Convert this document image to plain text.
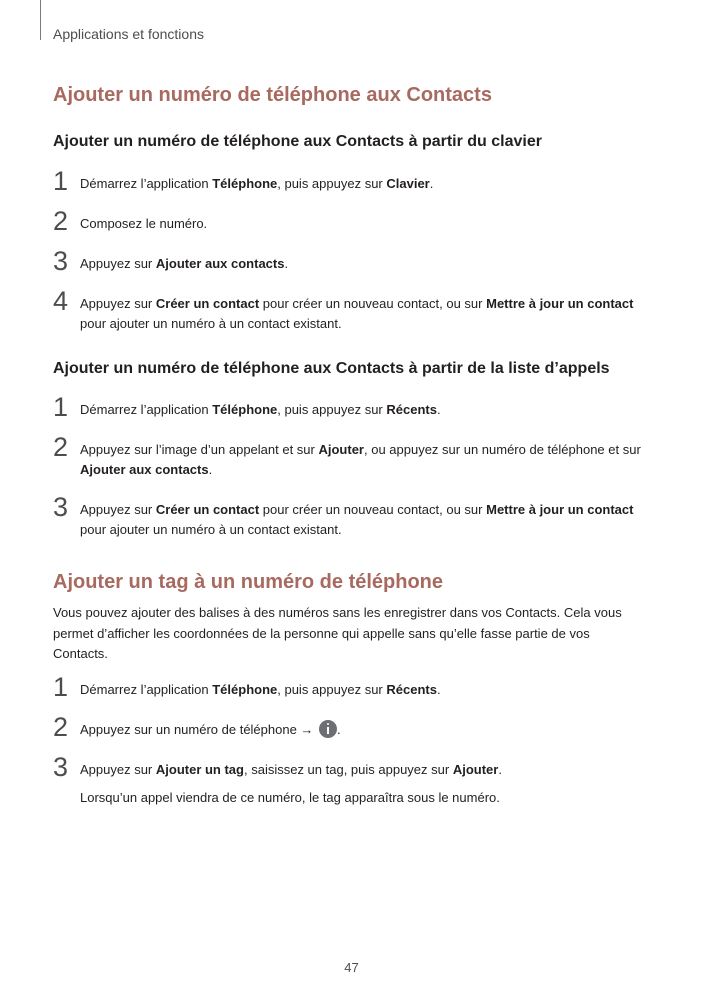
Applications et fonctions

Ajouter un numéro de téléphone aux Contacts
Ajouter un numéro de téléphone aux Contacts à partir du clavier
1 Démarrez l’application Téléphone, puis appuyez sur Clavier.

2 Composez le numéro.

3 Appuyez sur Ajouter aux contacts.

4 Appuyez sur Créer un contact pour créer un nouveau contact, ou sur Mettre à jour un contact pour ajouter un numéro à un contact existant.

Ajouter un numéro de téléphone aux Contacts à partir de la liste d’appels
1 Démarrez l’application Téléphone, puis appuyez sur Récents.

2 Appuyez sur l’image d’un appelant et sur Ajouter, ou appuyez sur un numéro de téléphone et sur Ajouter aux contacts.

3 Appuyez sur Créer un contact pour créer un nouveau contact, ou sur Mettre à jour un contact pour ajouter un numéro à un contact existant.

Ajouter un tag à un numéro de téléphone

Vous pouvez ajouter des balises à des numéros sans les enregistrer dans vos Contacts. Cela vous permet d’afficher les coordonnées de la personne qui appelle sans qu’elle fasse partie de vos Contacts.

1 Démarrez l’application Téléphone, puis appuyez sur Récents.

2 Appuyez sur un numéro de téléphone → .

3 Appuyez sur Ajouter un tag, saisissez un tag, puis appuyez sur Ajouter.

Lorsqu’un appel viendra de ce numéro, le tag apparaîtra sous le numéro.

47
